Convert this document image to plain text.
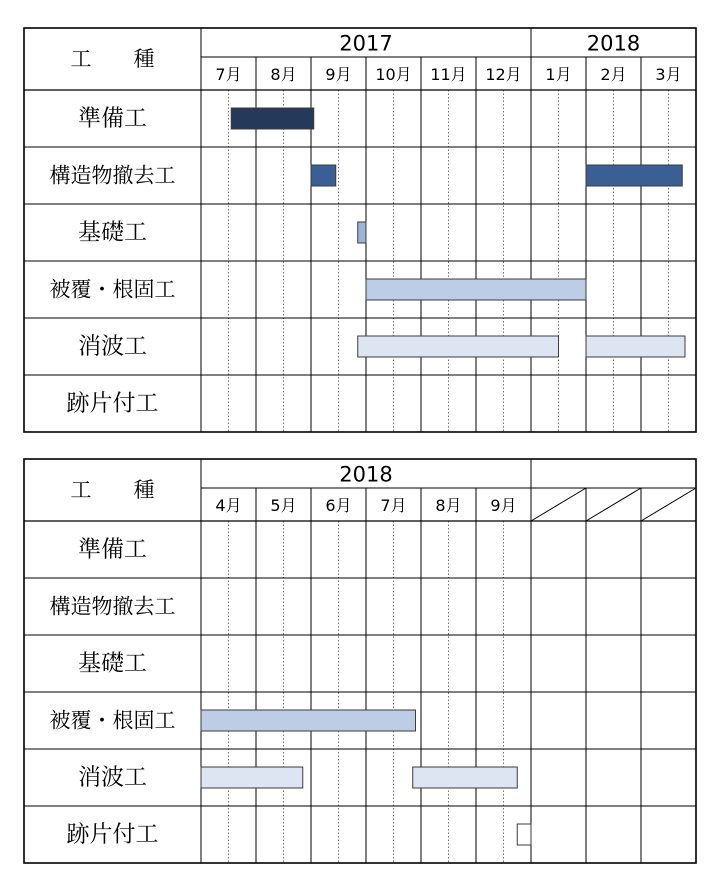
2017	2018
7月 8月 9月 10月 11月 12月 1月 2月 3月
工　　種
準備工
構造物撤去工
基礎工
被覆・根固工
消波工
跡片付工
2018
4月 5月 6月 7月 8月 9月
工　　種
準備工
構造物撤去工
基礎工
被覆・根固工
消波工
跡片付工
